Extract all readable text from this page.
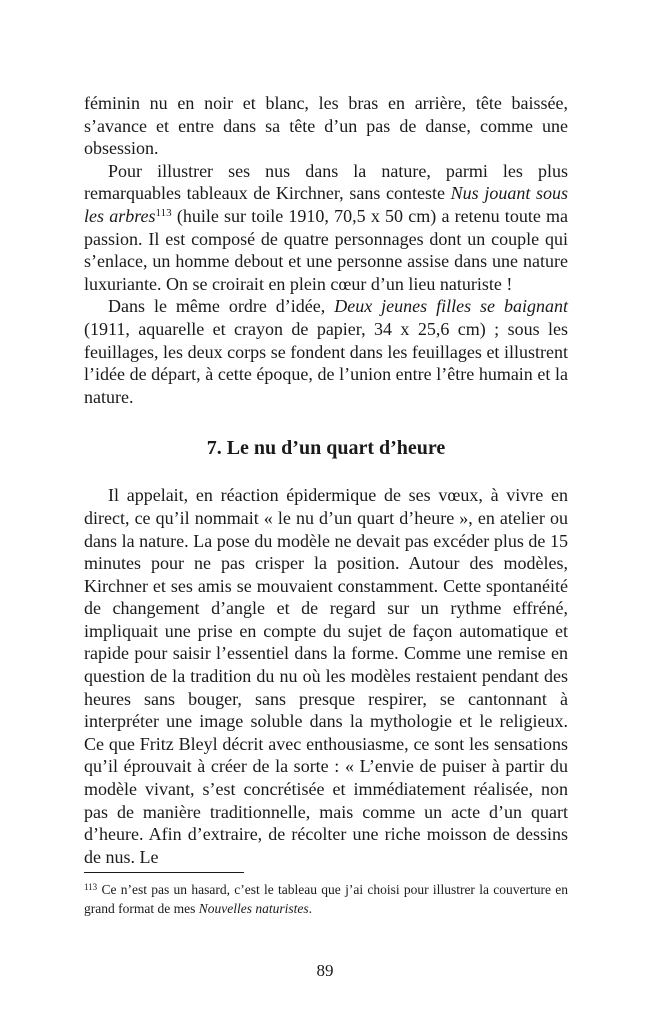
féminin nu en noir et blanc, les bras en arrière, tête baissée, s’avance et entre dans sa tête d’un pas de danse, comme une obsession.

Pour illustrer ses nus dans la nature, parmi les plus remarquables tableaux de Kirchner, sans conteste Nus jouant sous les arbres$^{113}$ (huile sur toile 1910, 70,5 x 50 cm) a retenu toute ma passion. Il est composé de quatre personnages dont un couple qui s’enlace, un homme debout et une personne assise dans une nature luxuriante. On se croirait en plein cœur d’un lieu naturiste !

Dans le même ordre d’idée, Deux jeunes filles se baignant (1911, aquarelle et crayon de papier, 34 x 25,6 cm) ; sous les feuillages, les deux corps se fondent dans les feuillages et illustrent l’idée de départ, à cette époque, de l’union entre l’être humain et la nature.

7. Le nu d’un quart d’heure

Il appelait, en réaction épidermique de ses vœux, à vivre en direct, ce qu’il nommait « le nu d’un quart d’heure », en atelier ou dans la nature. La pose du modèle ne devait pas excéder plus de 15 minutes pour ne pas crisper la position. Autour des modèles, Kirchner et ses amis se mouvaient constamment. Cette spontanéité de changement d’angle et de regard sur un rythme effréné, impliquait une prise en compte du sujet de façon automatique et rapide pour saisir l’essentiel dans la forme. Comme une remise en question de la tradition du nu où les modèles restaient pendant des heures sans bouger, sans presque respirer, se cantonnant à interpréter une image soluble dans la mythologie et le religieux. Ce que Fritz Bleyl décrit avec enthousiasme, ce sont les sensations qu’il éprouvait à créer de la sorte : « L’envie de puiser à partir du modèle vivant, s’est concrétisée et immédiatement réalisée, non pas de manière traditionnelle, mais comme un acte d’un quart d’heure. Afin d’extraire, de récolter une riche moisson de dessins de nus. Le

$^{113}$ Ce n’est pas un hasard, c’est le tableau que j’ai choisi pour illustrer la couverture en grand format de mes Nouvelles naturistes.

89
